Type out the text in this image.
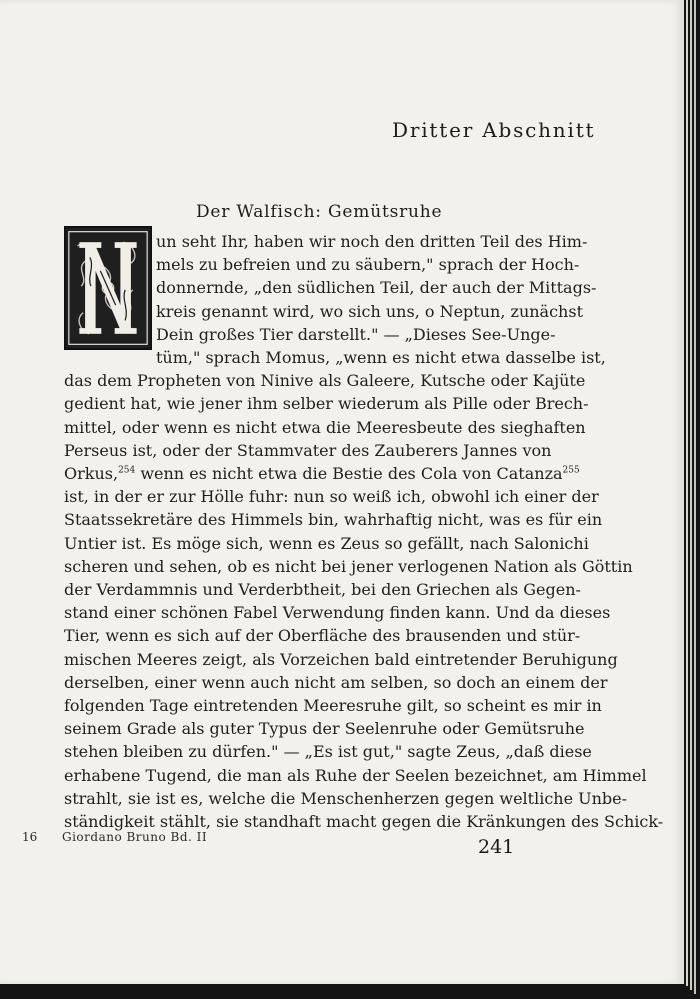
Dritter Abschnitt
Der Walfisch: Gemütsruhe
un seht Ihr, haben wir noch den dritten Teil des Him-
mels zu befreien und zu säubern," sprach der Hoch-
donnernde, „den südlichen Teil, der auch der Mittags-
kreis genannt wird, wo sich uns, o Neptun, zunächst
Dein großes Tier darstellt." — „Dieses See-Unge-
tüm," sprach Momus, „wenn es nicht etwa dasselbe ist,
das dem Propheten von Ninive als Galeere, Kutsche oder Kajüte
gedient hat, wie jener ihm selber wiederum als Pille oder Brech-
mittel, oder wenn es nicht etwa die Meeresbeute des sieghaften
Perseus ist, oder der Stammvater des Zauberers Jannes von
Orkus,$^{254}$ wenn es nicht etwa die Bestie des Cola von Catanza$^{255}$
ist, in der er zur Hölle fuhr: nun so weiß ich, obwohl ich einer der
Staatssekretäre des Himmels bin, wahrhaftig nicht, was es für ein
Untier ist. Es möge sich, wenn es Zeus so gefällt, nach Salonichi
scheren und sehen, ob es nicht bei jener verlogenen Nation als Göttin
der Verdammnis und Verderbtheit, bei den Griechen als Gegen-
stand einer schönen Fabel Verwendung finden kann. Und da dieses
Tier, wenn es sich auf der Oberfläche des brausenden und stür-
mischen Meeres zeigt, als Vorzeichen bald eintretender Beruhigung
derselben, einer wenn auch nicht am selben, so doch an einem der
folgenden Tage eintretenden Meeresruhe gilt, so scheint es mir in
seinem Grade als guter Typus der Seelenruhe oder Gemütsruhe
stehen bleiben zu dürfen." — „Es ist gut," sagte Zeus, „daß diese
erhabene Tugend, die man als Ruhe der Seelen bezeichnet, am Himmel
strahlt, sie ist es, welche die Menschenherzen gegen weltliche Unbe-
ständigkeit stählt, sie standhaft macht gegen die Kränkungen des Schick-
16 Giordano Bruno Bd. II	241
